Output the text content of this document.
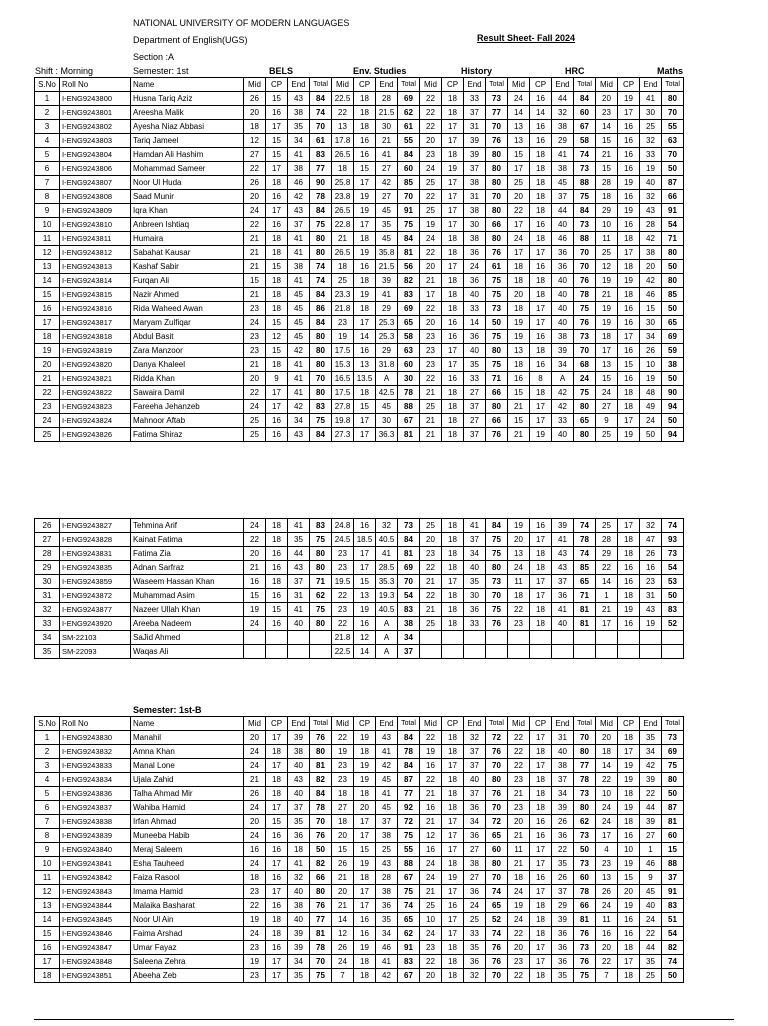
NATIONAL UNIVERSITY OF MODERN LANGUAGES
Department of English(UGS)	Result Sheet- Fall 2024
Section :A
Shift : Morning	Semester: 1st	BELS	Env. Studies	History	HRC	Maths
S.No	Roll No	Name	Mid	CP	End	Total	Mid	CP	End	Total	Mid	CP	End	Total	Mid	CP	End	Total	Mid	CP	End	Total
1	I-ENG9243800	Husna Tariq Aziz	26	15	43	84	22.5	18	28	69	22	18	33	73	24	16	44	84	20	19	41	80
2	I-ENG9243801	Areesha Malik	20	16	38	74	22	18	21.5	62	22	18	37	77	14	14	32	60	23	17	30	70
3	I-ENG9243802	Ayesha Niaz Abbasi	18	17	35	70	13	18	30	61	22	17	31	70	13	16	38	67	14	16	25	55
4	I-ENG9243803	Tariq Jameel	12	15	34	61	17.8	16	21	55	20	17	39	76	13	16	29	58	15	16	32	63
5	I-ENG9243804	Hamdan Ali Hashim	27	15	41	83	26.5	16	41	84	23	18	39	80	15	18	41	74	21	16	33	70
6	I-ENG9243806	Mohammad Sameer	22	17	38	77	18	15	27	60	24	19	37	80	17	18	38	73	15	16	19	50
7	I-ENG9243807	Noor Ul Huda	26	18	46	90	25.8	17	42	85	25	17	38	80	25	18	45	88	28	19	40	87
8	I-ENG9243808	Saad Munir	20	16	42	78	23.8	19	27	70	22	17	31	70	20	18	37	75	18	16	32	66
9	I-ENG9243809	Iqra Khan	24	17	43	84	26.5	19	45	91	25	17	38	80	22	18	44	84	29	19	43	91
10	I-ENG9243810	Anbreen Ishtiaq	22	16	37	75	22.8	17	35	75	19	17	30	66	17	16	40	73	10	16	28	54
11	I-ENG9243811	Humaira	21	18	41	80	21	18	45	84	24	18	38	80	24	18	46	88	11	18	42	71
12	I-ENG9243812	Sabahat Kausar	21	18	41	80	26.5	19	35.8	81	22	18	36	76	17	17	36	70	25	17	38	80
13	I-ENG9243813	Kashaf Sabir	21	15	38	74	18	16	21.5	56	20	17	24	61	18	16	36	70	12	18	20	50
14	I-ENG9243814	Furqan Ali	15	18	41	74	25	18	39	82	21	18	36	75	18	18	40	76	19	19	42	80
15	I-ENG9243815	Nazir Ahmed	21	18	45	84	23.3	19	41	83	17	18	40	75	20	18	40	78	21	18	46	85
16	I-ENG9243816	Rida Waheed Awan	23	18	45	86	21.8	18	29	69	22	18	33	73	18	17	40	75	19	16	15	50
17	I-ENG9243817	Maryam Zulfiqar	24	15	45	84	23	17	25.3	65	20	16	14	50	19	17	40	76	19	16	30	65
18	I-ENG9243818	Abdul Basit	23	12	45	80	19	14	25.3	58	23	16	36	75	19	16	38	73	18	17	34	69
19	I-ENG9243819	Zara Manzoor	23	15	42	80	17.5	16	29	63	23	17	40	80	13	18	39	70	17	16	26	59
20	I-ENG9243820	Danya Khaleel	21	18	41	80	15.3	13	31.8	60	23	17	35	75	18	16	34	68	13	15	10	38
21	I-ENG9243821	Ridda Khan	20	9	41	70	16.5	13.5	A	30	22	16	33	71	16	8	A	24	15	16	19	50
22	I-ENG9243822	Sawaira Damil	22	17	41	80	17.5	18	42.5	78	21	18	27	66	15	18	42	75	24	18	48	90
23	I-ENG9243823	Fareeha Jehanzeb	24	17	42	83	27.8	15	45	88	25	18	37	80	21	17	42	80	27	18	49	94
24	I-ENG9243824	Mahnoor Aftab	25	16	34	75	19.8	17	30	67	21	18	27	66	15	17	33	65	9	17	24	50
25	I-ENG9243826	Fatima Shiraz	25	16	43	84	27.3	17	36.3	81	21	18	37	76	21	19	40	80	25	19	50	94
26	I-ENG9243827	Tehmina Arif	24	18	41	83	24.8	16	32	73	25	18	41	84	19	16	39	74	25	17	32	74
27	I-ENG9243828	Kainat Fatima	22	18	35	75	24.5	18.5	40.5	84	20	18	37	75	20	17	41	78	28	18	47	93
28	I-ENG9243831	Fatima Zia	20	16	44	80	23	17	41	81	23	18	34	75	13	18	43	74	29	18	26	73
29	I-ENG9243835	Adnan Sarfraz	21	16	43	80	23	17	28.5	69	22	18	40	80	24	18	43	85	22	16	16	54
30	I-ENG9243859	Waseem Hassan Khan	16	18	37	71	19.5	15	35.3	70	21	17	35	73	11	17	37	65	14	16	23	53
31	I-ENG9243872	Muhammad Asim	15	16	31	62	22	13	19.3	54	22	18	30	70	18	17	36	71	1	18	31	50
32	I-ENG9243877	Nazeer Ullah Khan	19	15	41	75	23	19	40.5	83	21	18	36	75	22	18	41	81	21	19	43	83
33	I-ENG9243920	Areeba Nadeem	24	16	40	80	22	16	A	38	25	18	33	76	23	18	40	81	17	16	19	52
34	SM-22103	SaJid Ahmed					21.8	12	A	34												
35	SM-22093	Waqas Ali					22.5	14	A	37												
Semester: 1st-B
S.No	Roll No	Name	Mid	CP	End	Total	Mid	CP	End	Total	Mid	CP	End	Total	Mid	CP	End	Total	Mid	CP	End	Total
1	I-ENG9243830	Manahil	20	17	39	76	22	19	43	84	22	18	32	72	22	17	31	70	20	18	35	73
2	I-ENG9243832	Amna Khan	24	18	38	80	19	18	41	78	19	18	37	76	22	18	40	80	18	17	34	69
3	I-ENG9243833	Manal Lone	24	17	40	81	23	19	42	84	16	17	37	70	22	17	38	77	14	19	42	75
4	I-ENG9243834	Ujala Zahid	21	18	43	82	23	19	45	87	22	18	40	80	23	18	37	78	22	19	39	80
5	I-ENG9243836	Talha Ahmad Mir	26	18	40	84	18	18	41	77	21	18	37	76	21	18	34	73	10	18	22	50
6	I-ENG9243837	Wahiba Hamid	24	17	37	78	27	20	45	92	16	18	36	70	23	18	39	80	24	19	44	87
7	I-ENG9243838	Irfan Ahmad	20	15	35	70	18	17	37	72	21	17	34	72	20	16	26	62	24	18	39	81
8	I-ENG9243839	Muneeba Habib	24	16	36	76	20	17	38	75	12	17	36	65	21	16	36	73	17	16	27	60
9	I-ENG9243840	Meraj Saleem	16	16	18	50	15	15	25	55	16	17	27	60	11	17	22	50	4	10	1	15
10	I-ENG9243841	Esha Tauheed	24	17	41	82	26	19	43	88	24	18	38	80	21	17	35	73	23	19	46	88
11	I-ENG9243842	Faiza Rasool	18	16	32	66	21	18	28	67	24	19	27	70	18	16	26	60	13	15	9	37
12	I-ENG9243843	Imama Hamid	23	17	40	80	20	17	38	75	21	17	36	74	24	17	37	78	26	20	45	91
13	I-ENG9243844	Malaika Basharat	22	16	38	76	21	17	36	74	25	16	24	65	19	18	29	66	24	19	40	83
14	I-ENG9243845	Noor Ul Ain	19	18	40	77	14	16	35	65	10	17	25	52	24	18	39	81	11	16	24	51
15	I-ENG9243846	Faima Arshad	24	18	39	81	12	16	34	62	24	17	33	74	22	18	36	76	16	16	22	54
16	I-ENG9243847	Umar Fayaz	23	16	39	78	26	19	46	91	23	18	35	76	20	17	36	73	20	18	44	82
17	I-ENG9243848	Saleena Zehra	19	17	34	70	24	18	41	83	22	18	36	76	23	17	36	76	22	17	35	74
18	I-ENG9243851	Abeeha Zeb	23	17	35	75	7	18	42	67	20	18	32	70	22	18	35	75	7	18	25	50
